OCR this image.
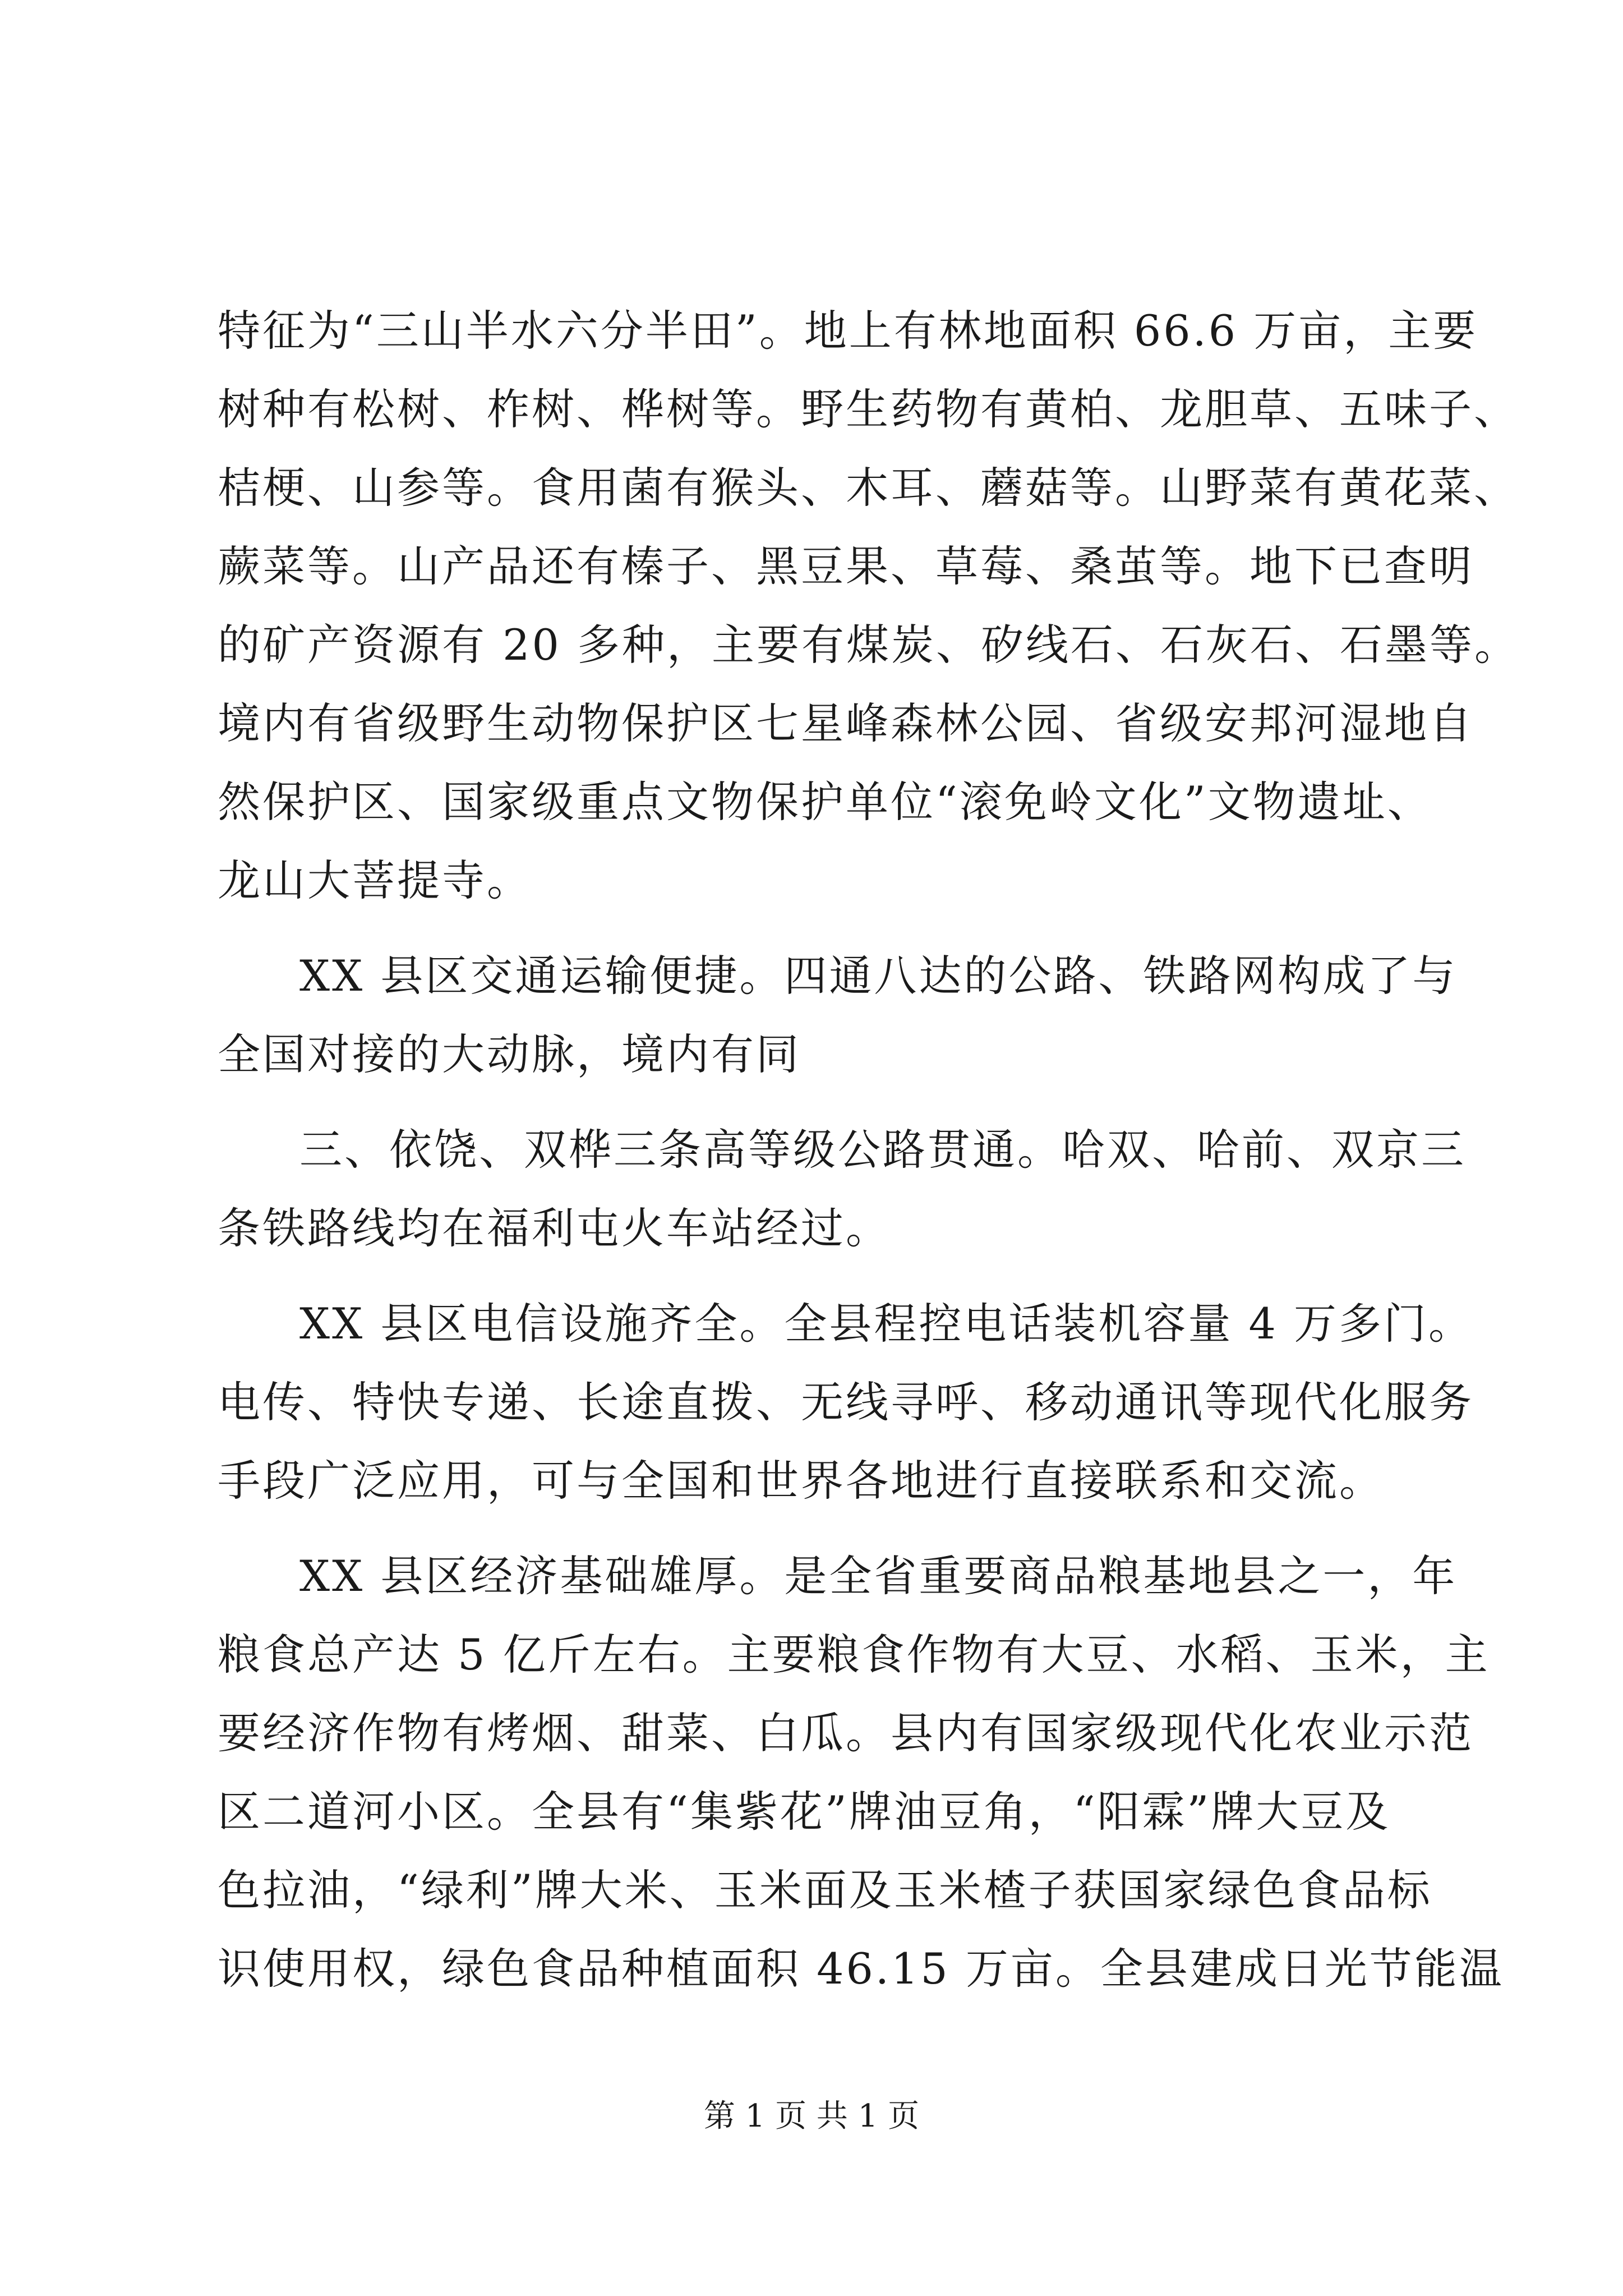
特征为“三山半水六分半田”。地上有林地面积 66.6 万亩，主要
树种有松树、柞树、桦树等。野生药物有黄柏、龙胆草、五味子、
桔梗、山参等。食用菌有猴头、木耳、蘑菇等。山野菜有黄花菜、
蕨菜等。山产品还有榛子、黑豆果、草莓、桑茧等。地下已查明
的矿产资源有 20 多种，主要有煤炭、矽线石、石灰石、石墨等。
境内有省级野生动物保护区七星峰森林公园、省级安邦河湿地自
然保护区、国家级重点文物保护单位“滚免岭文化”文物遗址、
龙山大菩提寺。
XX 县区交通运输便捷。四通八达的公路、铁路网构成了与
全国对接的大动脉，境内有同
三、依饶、双桦三条高等级公路贯通。哈双、哈前、双京三
条铁路线均在福利屯火车站经过。
XX 县区电信设施齐全。全县程控电话装机容量 4 万多门。
电传、特快专递、长途直拨、无线寻呼、移动通讯等现代化服务
手段广泛应用，可与全国和世界各地进行直接联系和交流。
XX 县区经济基础雄厚。是全省重要商品粮基地县之一，年
粮食总产达 5 亿斤左右。主要粮食作物有大豆、水稻、玉米，主
要经济作物有烤烟、甜菜、白瓜。县内有国家级现代化农业示范
区二道河小区。全县有“集紫花”牌油豆角，“阳霖”牌大豆及
色拉油，“绿利”牌大米、玉米面及玉米楂子获国家绿色食品标
识使用权，绿色食品种植面积 46.15 万亩。全县建成日光节能温
第 1 页 共 1 页
